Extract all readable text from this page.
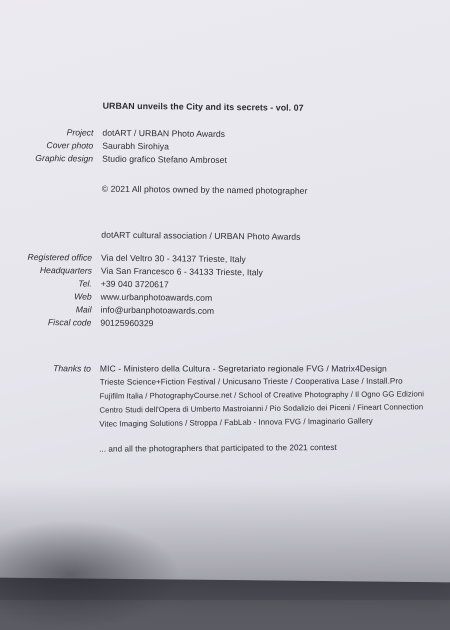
URBAN unveils the City and its secrets - vol. 07
Project dotART / URBAN Photo Awards
Cover photo Saurabh Sirohiya
Graphic design Studio grafico Stefano Ambroset
© 2021 All photos owned by the named photographer
dotART cultural association / URBAN Photo Awards
Registered office Via del Veltro 30 - 34137 Trieste, Italy
Headquarters Via San Francesco 6 - 34133 Trieste, Italy
Tel. +39 040 3720617
Web www.urbanphotoawards.com
Mail info@urbanphotoawards.com
Fiscal code 90125960329
Thanks to MIC - Ministero della Cultura - Segretariato regionale FVG / Matrix4Design
Trieste Science+Fiction Festival / Unicusano Trieste / Cooperativa Lase / Install.Pro
Fujifilm Italia / PhotographyCourse.net / School of Creative Photography / Il Ogno GG Edizioni
Centro Studi dell'Opera di Umberto Mastroianni / Pio Sodalizio dei Piceni / Fineart Connection
Vitec Imaging Solutions / Stroppa / FabLab - Innova FVG / Imaginario Gallery
... and all the photographers that participated to the 2021 contest
